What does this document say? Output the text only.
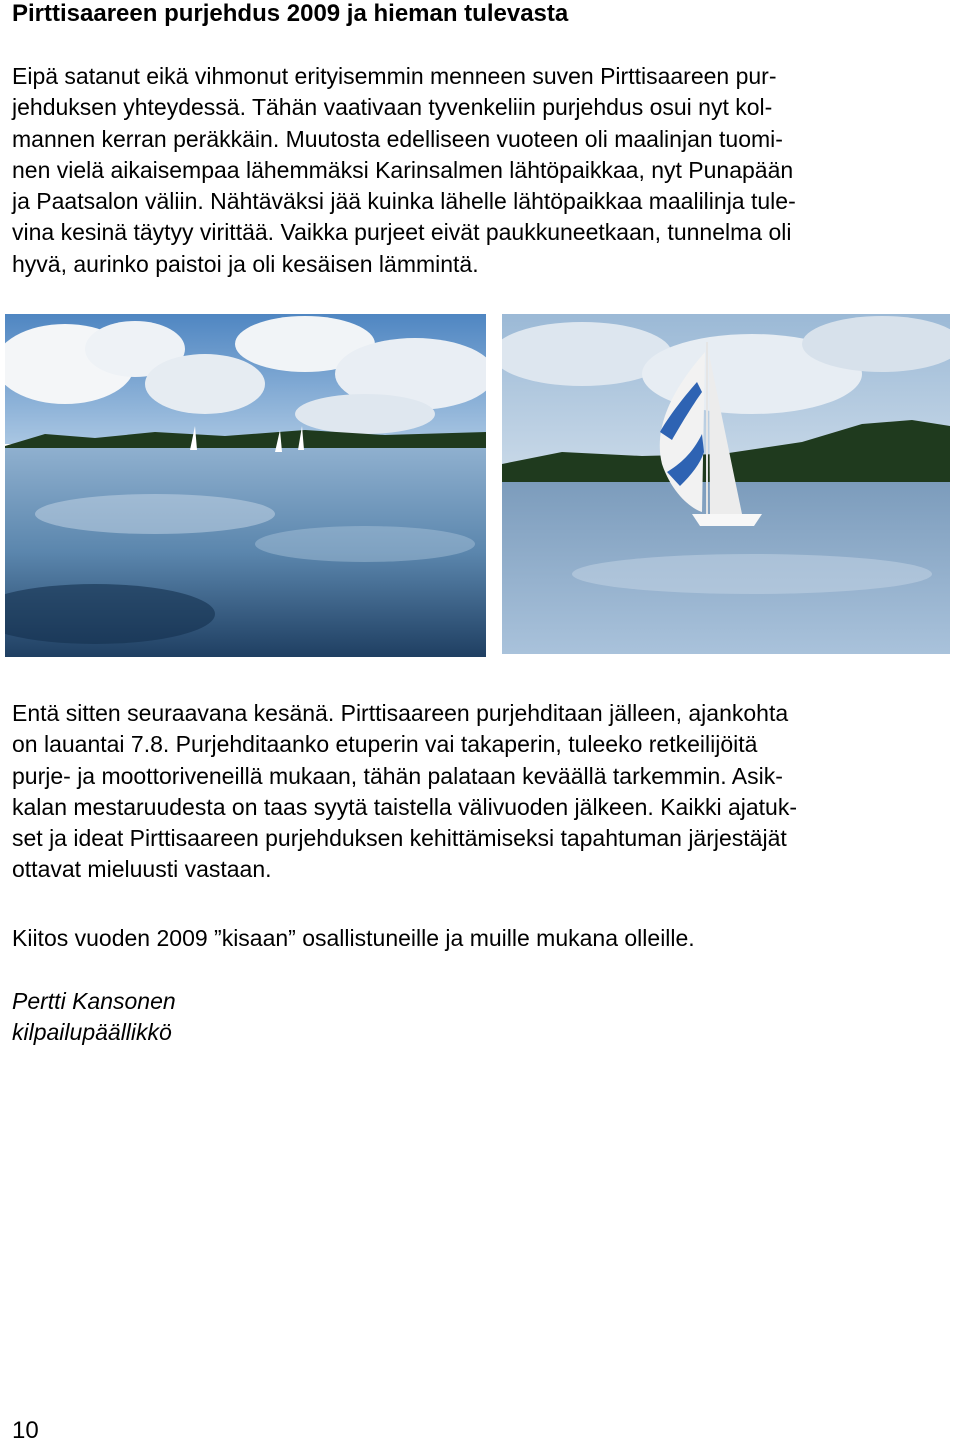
Pirttisaareen purjehdus 2009 ja hieman tulevasta
Eipä satanut eikä vihmonut erityisemmin menneen suven Pirttisaareen pur-
jehduksen yhteydessä. Tähän vaativaan tyvenkeliin purjehdus osui nyt kol-
mannen kerran peräkkäin. Muutosta edelliseen vuoteen oli maalinjan tuomi-
nen vielä aikaisempaa lähemmäksi Karinsalmen lähtöpaikkaa, nyt Punapään
ja Paatsalon väliin. Nähtäväksi jää kuinka lähelle lähtöpaikkaa maalilinja tule-
vina kesinä täytyy virittää. Vaikka purjeet eivät paukkuneetkaan, tunnelma oli
hyvä, aurinko paistoi ja oli kesäisen lämmintä.
Entä sitten seuraavana kesänä. Pirttisaareen purjehditaan jälleen, ajankohta
on lauantai 7.8. Purjehditaanko etuperin vai takaperin, tuleeko retkeilijöitä
purje- ja moottoriveneillä mukaan, tähän palataan keväällä tarkemmin. Asik-
kalan mestaruudesta on taas syytä taistella välivuoden jälkeen. Kaikki ajatuk-
set ja ideat Pirttisaareen purjehduksen kehittämiseksi tapahtuman järjestäjät
ottavat mieluusti vastaan.

Kiitos vuoden 2009 ”kisaan” osallistuneille ja muille mukana olleille.

Pertti Kansonen
kilpailupäällikkö
10
